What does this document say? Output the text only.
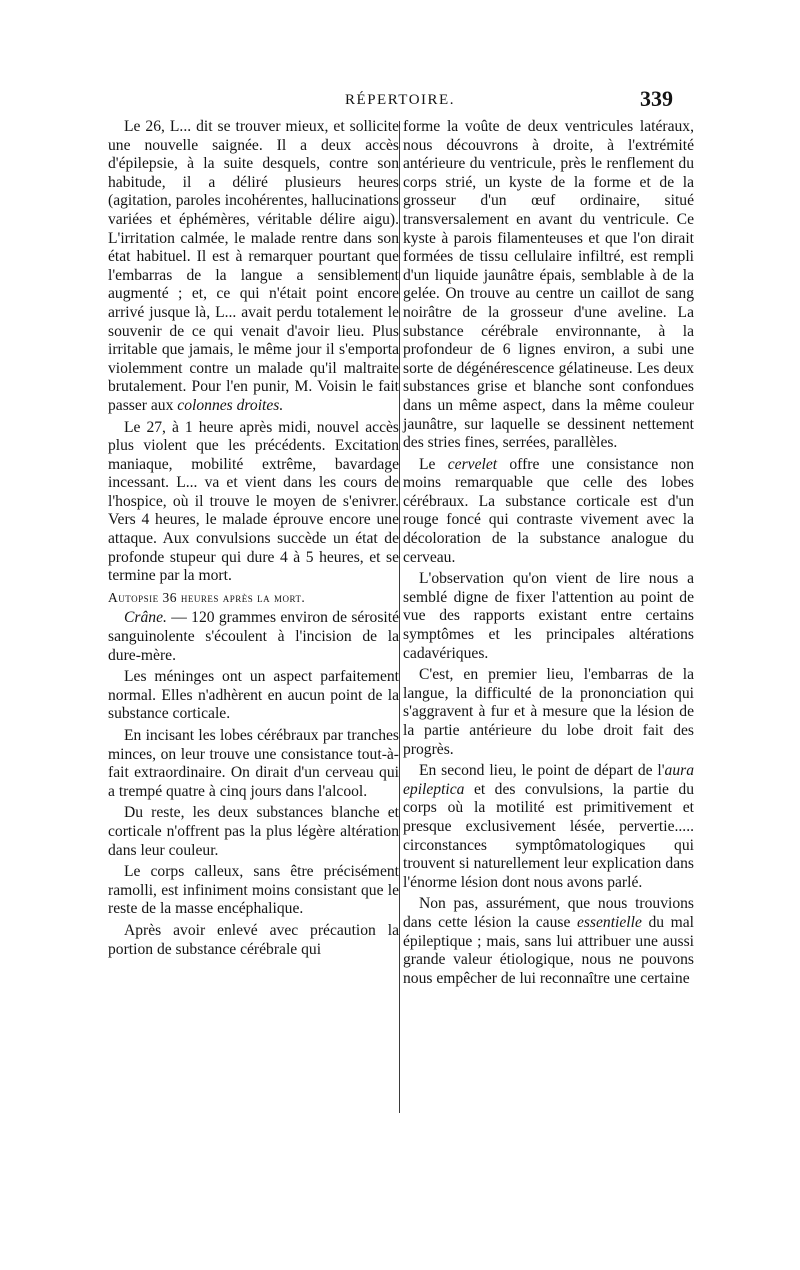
RÉPERTOIRE.	339

Le 26, L... dit se trouver mieux, et sollicite une nouvelle saignée. Il a deux accès d'épilepsie, à la suite desquels, contre son habitude, il a déliré plusieurs heures (agitation, paroles incohérentes, hallucinations variées et éphémères, véritable délire aigu). L'irritation calmée, le malade rentre dans son état habituel. Il est à remarquer pourtant que l'embarras de la langue a sensiblement augmenté ; et, ce qui n'était point encore arrivé jusque là, L... avait perdu totalement le souvenir de ce qui venait d'avoir lieu. Plus irritable que jamais, le même jour il s'emporta violemment contre un malade qu'il maltraite brutalement. Pour l'en punir, M. Voisin le fait passer aux colonnes droites.

Le 27, à 1 heure après midi, nouvel accès plus violent que les précédents. Excitation maniaque, mobilité extrême, bavardage incessant. L... va et vient dans les cours de l'hospice, où il trouve le moyen de s'enivrer. Vers 4 heures, le malade éprouve encore une attaque. Aux convulsions succède un état de profonde stupeur qui dure 4 à 5 heures, et se termine par la mort.

Autopsie 36 heures après la mort.

Crâne. — 120 grammes environ de sérosité sanguinolente s'écoulent à l'incision de la dure-mère.

Les méninges ont un aspect parfaitement normal. Elles n'adhèrent en aucun point de la substance corticale.

En incisant les lobes cérébraux par tranches minces, on leur trouve une consistance tout-à-fait extraordinaire. On dirait d'un cerveau qui a trempé quatre à cinq jours dans l'alcool.

Du reste, les deux substances blanche et corticale n'offrent pas la plus légère altération dans leur couleur.

Le corps calleux, sans être précisément ramolli, est infiniment moins consistant que le reste de la masse encéphalique.

Après avoir enlevé avec précaution la portion de substance cérébrale qui

forme la voûte de deux ventricules latéraux, nous découvrons à droite, à l'extrémité antérieure du ventricule, près le renflement du corps strié, un kyste de la forme et de la grosseur d'un œuf ordinaire, situé transversalement en avant du ventricule. Ce kyste à parois filamenteuses et que l'on dirait formées de tissu cellulaire infiltré, est rempli d'un liquide jaunâtre épais, semblable à de la gelée. On trouve au centre un caillot de sang noirâtre de la grosseur d'une aveline. La substance cérébrale environnante, à la profondeur de 6 lignes environ, a subi une sorte de dégénérescence gélatineuse. Les deux substances grise et blanche sont confondues dans un même aspect, dans la même couleur jaunâtre, sur laquelle se dessinent nettement des stries fines, serrées, parallèles.

Le cervelet offre une consistance non moins remarquable que celle des lobes cérébraux. La substance corticale est d'un rouge foncé qui contraste vivement avec la décoloration de la substance analogue du cerveau.

L'observation qu'on vient de lire nous a semblé digne de fixer l'attention au point de vue des rapports existant entre certains symptômes et les principales altérations cadavériques.

C'est, en premier lieu, l'embarras de la langue, la difficulté de la prononciation qui s'aggravent à fur et à mesure que la lésion de la partie antérieure du lobe droit fait des progrès.

En second lieu, le point de départ de l'aura epileptica et des convulsions, la partie du corps où la motilité est primitivement et presque exclusivement lésée, pervertie..... circonstances symptômatologiques qui trouvent si naturellement leur explication dans l'énorme lésion dont nous avons parlé.

Non pas, assurément, que nous trouvions dans cette lésion la cause essentielle du mal épileptique ; mais, sans lui attribuer une aussi grande valeur étiologique, nous ne pouvons nous empêcher de lui reconnaître une certaine
